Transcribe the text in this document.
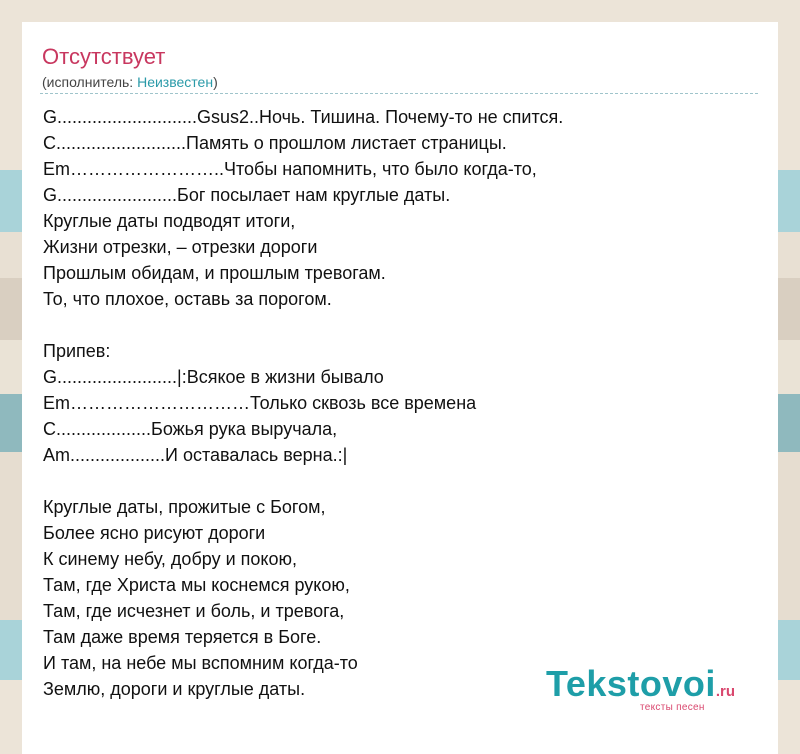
Отсутствует
(исполнитель: Неизвестен)
G............................Gsus2..Ночь. Тишина. Почему-то не спится.
C..........................Память о прошлом листает страницы.
Em……………………..Чтобы напомнить, что было когда-то,
G........................Бог посылает нам круглые даты.
Круглые даты подводят итоги,
Жизни отрезки, – отрезки дороги
Прошлым обидам, и прошлым тревогам.
То, что плохое, оставь за порогом.
Припев:
G........................|:Всякое в жизни бывало
Em…………………………Только сквозь все времена
C...................Божья рука выручала,
Am...................И оставалась верна.:|
Круглые даты, прожитые с Богом,
Более ясно рисуют дороги
К синему небу, добру и покою,
Там, где Христа мы коснемся рукою,
Там, где исчезнет и боль, и тревога,
Там даже время теряется в Боге.
И там, на небе мы вспомним когда-то
Землю, дороги и круглые даты.	Tekstovoi.ru
тексты песен
